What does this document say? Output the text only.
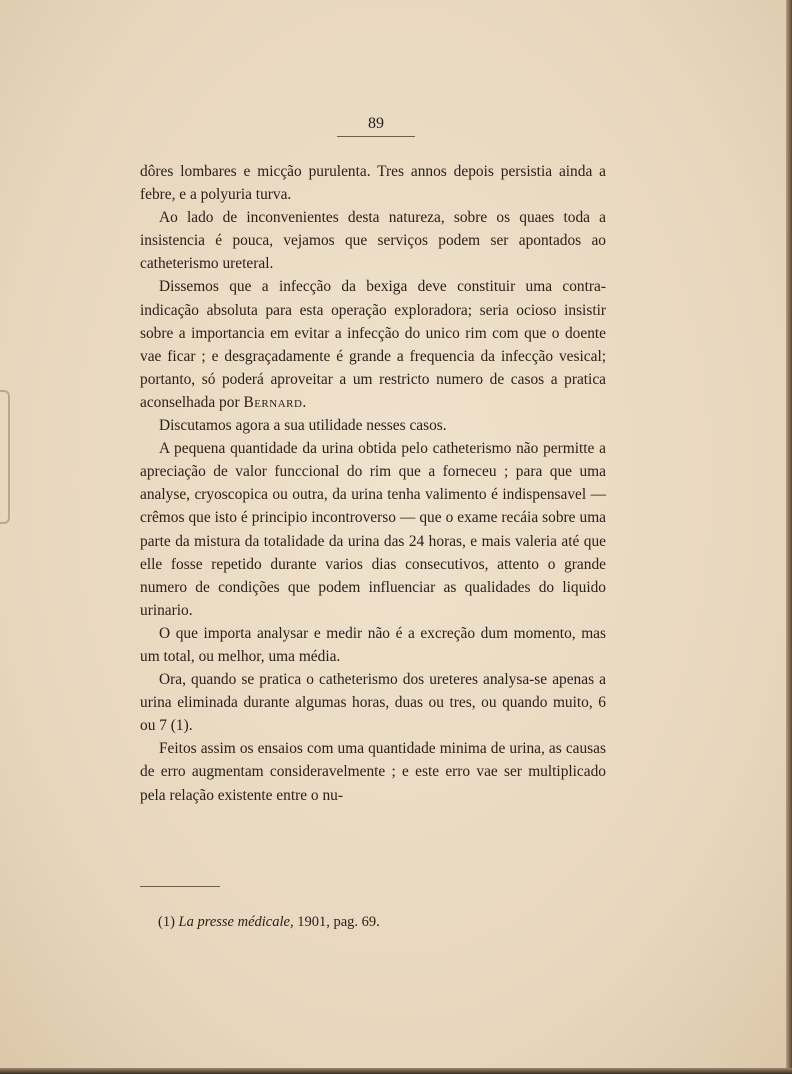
89

dôres lombares e micção purulenta. Tres annos depois persistia ainda a febre, e a polyuria turva.

Ao lado de inconvenientes desta natureza, sobre os quaes toda a insistencia é pouca, vejamos que serviços podem ser apontados ao catheterismo ureteral.

Dissemos que a infecção da bexiga deve constituir uma contra-indicação absoluta para esta operação exploradora; seria ocioso insistir sobre a importancia em evitar a infecção do unico rim com que o doente vae ficar ; e desgraçadamente é grande a frequencia da infecção vesical; portanto, só poderá aproveitar a um restricto numero de casos a pratica aconselhada por Bernard.

Discutamos agora a sua utilidade nesses casos.

A pequena quantidade da urina obtida pelo catheterismo não permitte a apreciação de valor funccional do rim que a forneceu ; para que uma analyse, cryoscopica ou outra, da urina tenha valimento é indispensavel — crêmos que isto é principio incontroverso — que o exame recáia sobre uma parte da mistura da totalidade da urina das 24 horas, e mais valeria até que elle fosse repetido durante varios dias consecutivos, attento o grande numero de condições que podem influenciar as qualidades do liquido urinario.

O que importa analysar e medir não é a excreção dum momento, mas um total, ou melhor, uma média.

Ora, quando se pratica o catheterismo dos ureteres analysa-se apenas a urina eliminada durante algumas horas, duas ou tres, ou quando muito, 6 ou 7 (1).

Feitos assim os ensaios com uma quantidade minima de urina, as causas de erro augmentam consideravelmente ; e este erro vae ser multiplicado pela relação existente entre o nu-

(1) La presse médicale, 1901, pag. 69.
